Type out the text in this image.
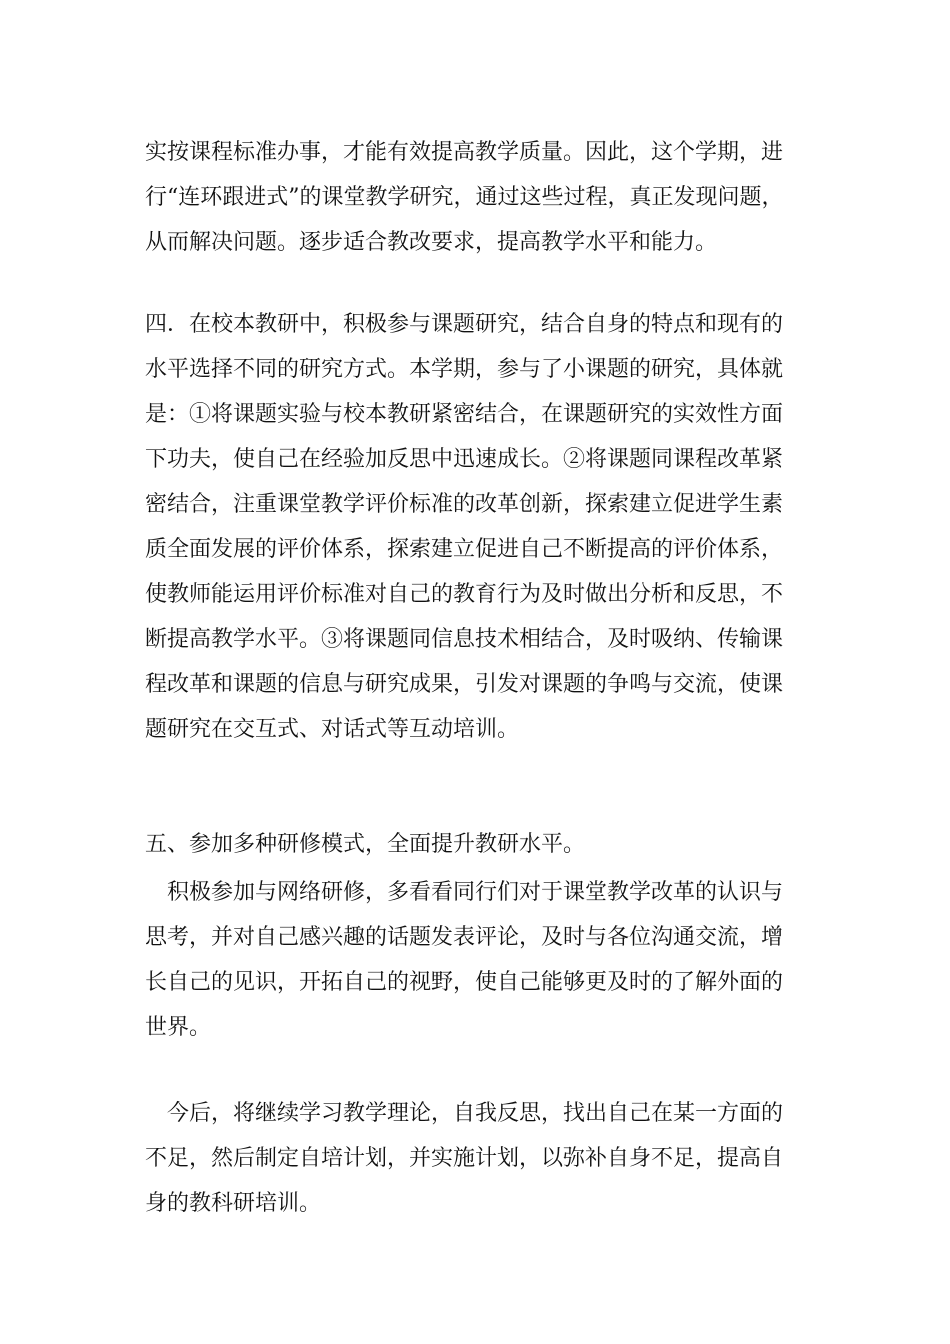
实按课程标准办事，才能有效提高教学质量。因此，这个学期，进
行“连环跟进式”的课堂教学研究，通过这些过程，真正发现问题，
从而解决问题。逐步适合教改要求，提高教学水平和能力。
四．在校本教研中，积极参与课题研究，结合自身的特点和现有的
水平选择不同的研究方式。本学期，参与了小课题的研究，具体就
是：①将课题实验与校本教研紧密结合，在课题研究的实效性方面
下功夫，使自己在经验加反思中迅速成长。②将课题同课程改革紧
密结合，注重课堂教学评价标准的改革创新，探索建立促进学生素
质全面发展的评价体系，探索建立促进自己不断提高的评价体系，
使教师能运用评价标准对自己的教育行为及时做出分析和反思，不
断提高教学水平。③将课题同信息技术相结合，及时吸纳、传输课
程改革和课题的信息与研究成果，引发对课题的争鸣与交流，使课
题研究在交互式、对话式等互动培训。
五、参加多种研修模式，全面提升教研水平。
积极参加与网络研修，多看看同行们对于课堂教学改革的认识与
思考，并对自己感兴趣的话题发表评论，及时与各位沟通交流，增
长自己的见识，开拓自己的视野，使自己能够更及时的了解外面的
世界。
今后，将继续学习教学理论，自我反思，找出自己在某一方面的
不足，然后制定自培计划，并实施计划，以弥补自身不足，提高自
身的教科研培训。
